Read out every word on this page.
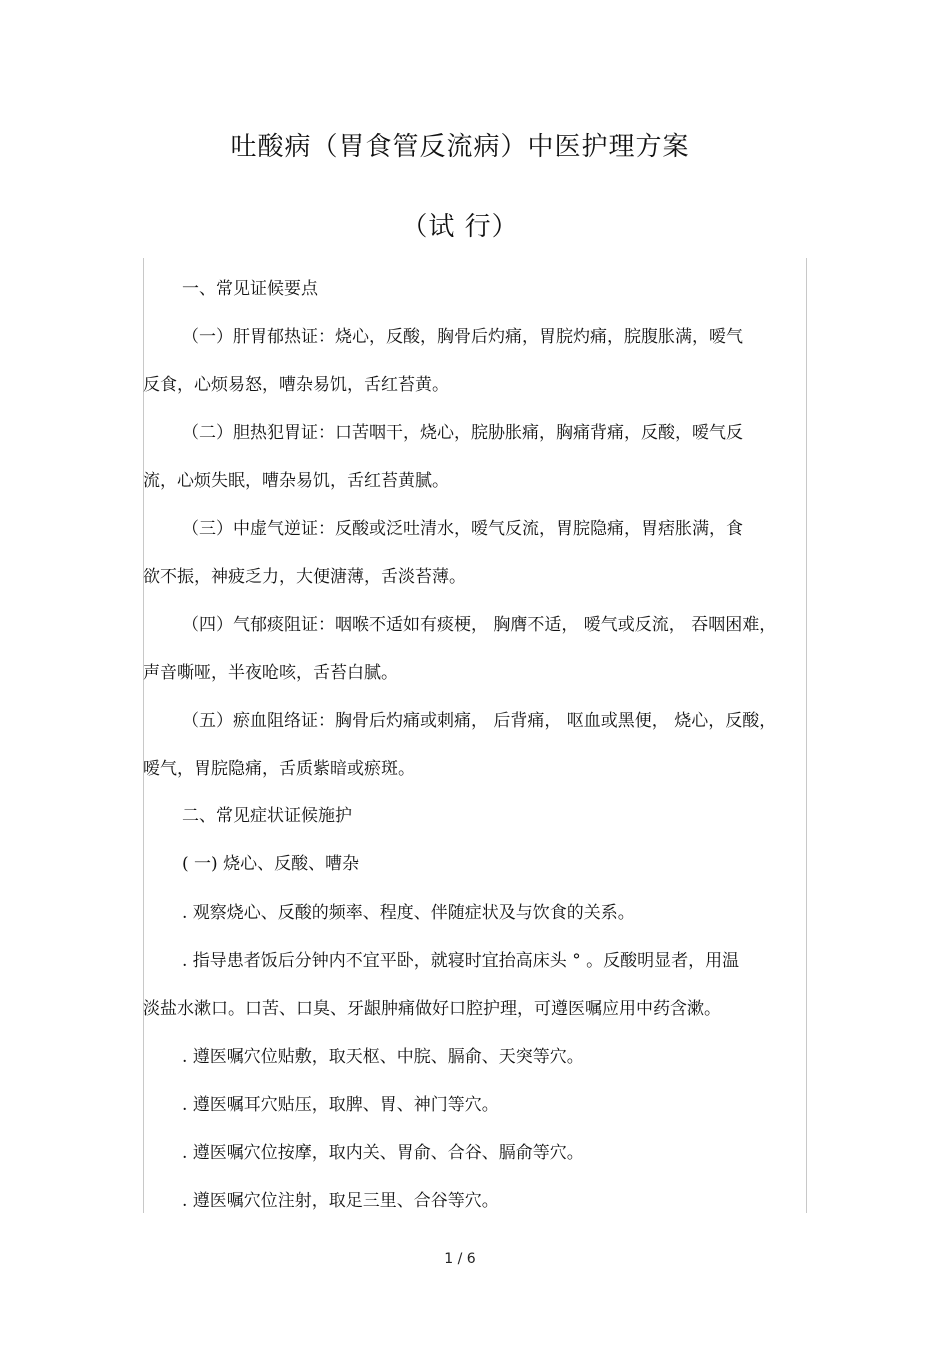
吐酸病（胃食管反流病）中医护理方案
（试 行）
一、常见证候要点
（一）肝胃郁热证：烧心，反酸，胸骨后灼痛，胃脘灼痛，脘腹胀满，嗳气
反食，心烦易怒，嘈杂易饥，舌红苔黄。
（二）胆热犯胃证：口苦咽干，烧心，脘胁胀痛，胸痛背痛，反酸，嗳气反
流，心烦失眠，嘈杂易饥，舌红苔黄腻。
（三）中虚气逆证：反酸或泛吐清水，嗳气反流，胃脘隐痛，胃痞胀满，食
欲不振，神疲乏力，大便溏薄，舌淡苔薄。
（四）气郁痰阻证：咽喉不适如有痰梗， 胸膺不适， 嗳气或反流， 吞咽困难，
声音嘶哑，半夜呛咳，舌苔白腻。
（五）瘀血阻络证：胸骨后灼痛或刺痛， 后背痛， 呕血或黑便， 烧心，反酸，
嗳气，胃脘隐痛，舌质紫暗或瘀斑。
二、常见症状证候施护
( 一) 烧心、反酸、嘈杂
. 观察烧心、反酸的频率、程度、伴随症状及与饮食的关系。
. 指导患者饭后分钟内不宜平卧，就寝时宜抬高床头 ° 。反酸明显者，用温
淡盐水漱口。口苦、口臭、牙龈肿痛做好口腔护理，可遵医嘱应用中药含漱。
. 遵医嘱穴位贴敷，取天枢、中脘、膈俞、天突等穴。
. 遵医嘱耳穴贴压，取脾、胃、神门等穴。
. 遵医嘱穴位按摩，取内关、胃俞、合谷、膈俞等穴。
. 遵医嘱穴位注射，取足三里、合谷等穴。
1 / 6
